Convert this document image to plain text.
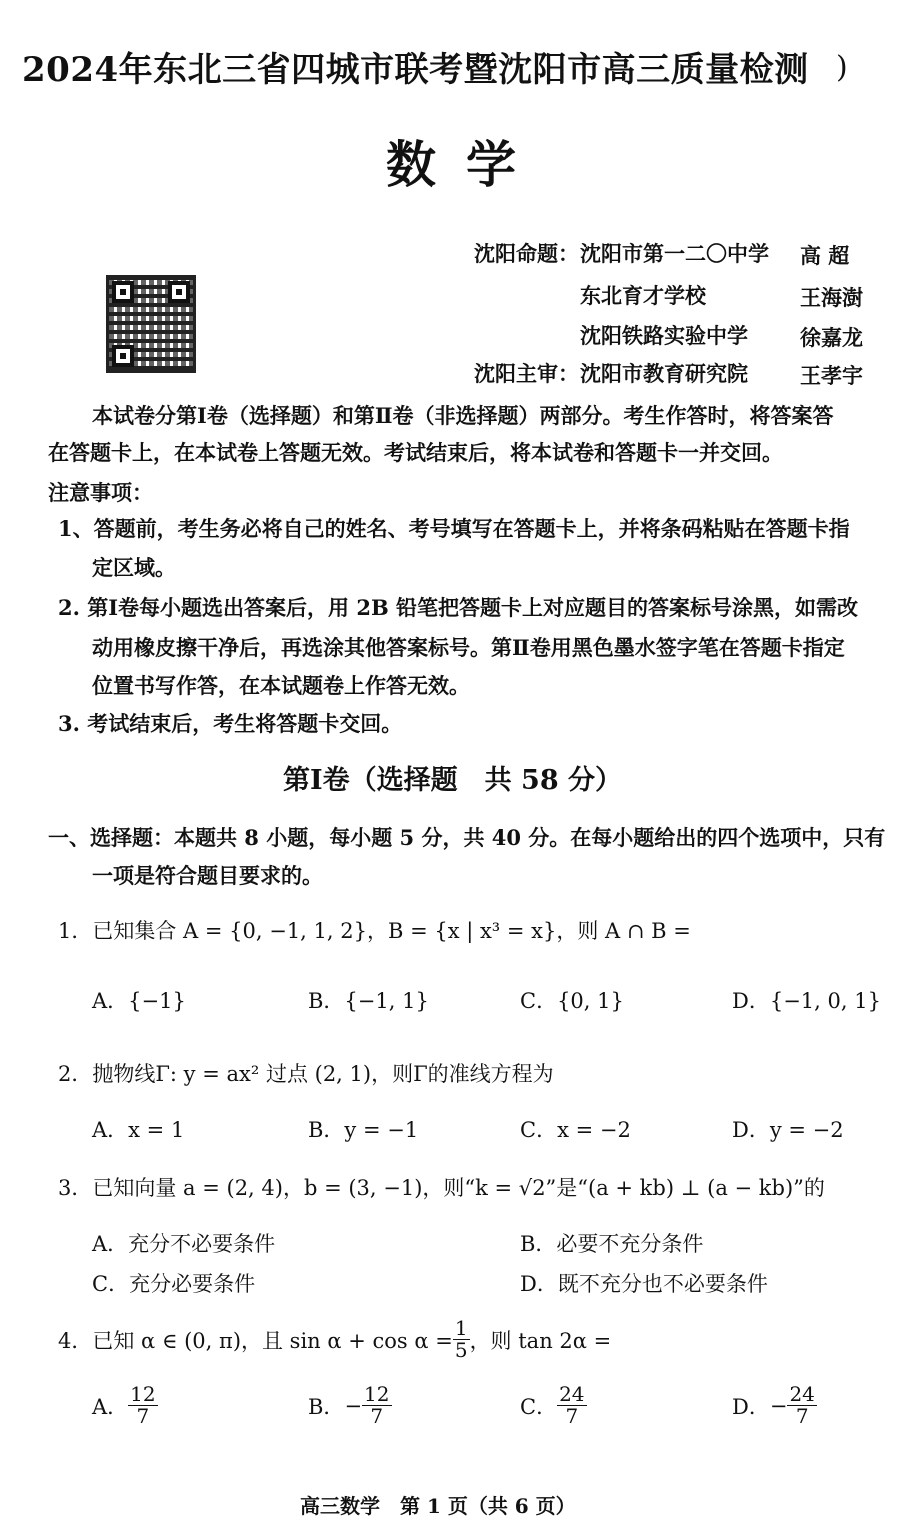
2024年东北三省四城市联考暨沈阳市高三质量检测 )
数学
沈阳命题： 沈阳市第一二〇中学 高 超
东北育才学校	王海澍
沈阳铁路实验中学 徐嘉龙
沈阳主审： 沈阳市教育研究院 王孝宇
本试卷分第Ⅰ卷（选择题）和第Ⅱ卷（非选择题）两部分。考生作答时，将答案答
在答题卡上，在本试卷上答题无效。考试结束后，将本试卷和答题卡一并交回。
注意事项：
1、答题前，考生务必将自己的姓名、考号填写在答题卡上，并将条码粘贴在答题卡指
定区域。
2. 第Ⅰ卷每小题选出答案后，用 2B 铅笔把答题卡上对应题目的答案标号涂黑，如需改
动用橡皮擦干净后，再选涂其他答案标号。第Ⅱ卷用黑色墨水签字笔在答题卡指定
位置书写作答，在本试题卷上作答无效。
3. 考试结束后，考生将答题卡交回。
第Ⅰ卷（选择题　共 58 分）
一、选择题：本题共 8 小题，每小题 5 分，共 40 分。在每小题给出的四个选项中，只有
一项是符合题目要求的。
1．已知集合 A = {0, −1, 1, 2}，B = {x | x³ = x}，则 A ∩ B =
A．{−1}	B．{−1, 1}	C．{0, 1}	D．{−1, 0, 1}
2．抛物线Γ: y = ax² 过点 (2, 1)，则Γ的准线方程为
A．x = 1	B．y = −1	C．x = −2	D．y = −2
3．已知向量 a = (2, 4)，b = (3, −1)，则“k = √2”是“(a + kb) ⊥ (a − kb)”的
A．充分不必要条件	B．必要不充分条件
C．充分必要条件	D．既不充分也不必要条件
4．已知 α ∈ (0, π)，且 $\sin \alpha + \cos \alpha = \frac{1}{5}$ ，则 tan 2α =
A． $\frac{12}{7}$	B． − $\frac{12}{7}$	C． $\frac{24}{7}$	D． − $\frac{24}{7}$
高三数学　第 1 页（共 6 页）
